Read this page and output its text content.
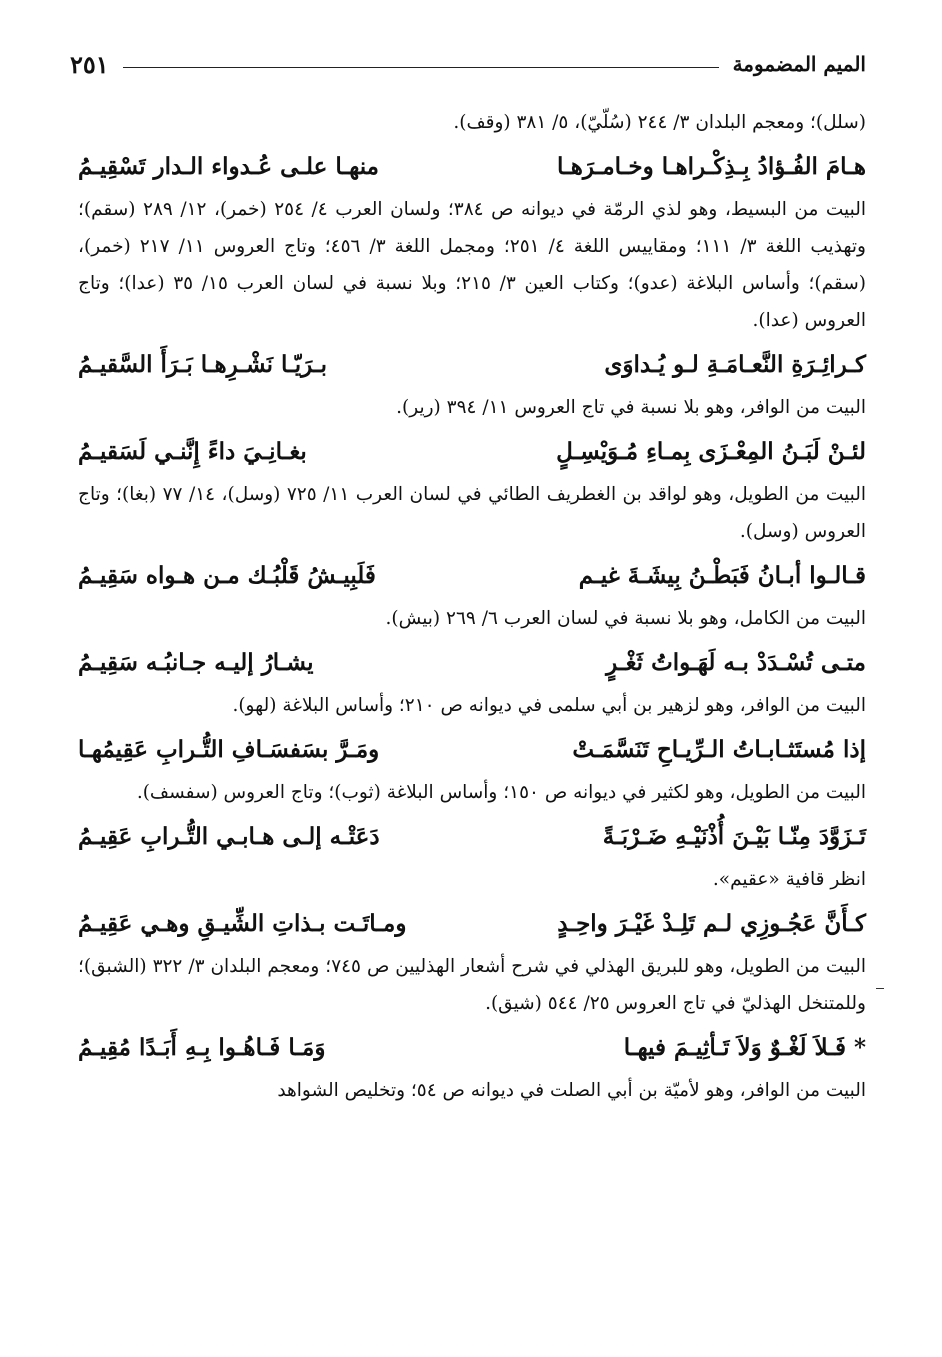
الميم المضمومة
٢٥١
(سلل)؛ ومعجم البلدان ٣/ ٢٤٤ (سُلّيّ)، ٥/ ٣٨١ (وقف).
هـامَ الفُـؤادُ بِـذِكْـراهـا وخـامـرَهـا
منهـا علـى عُـدواء الـدار تَسْقِيـمُ
البيت من البسيط، وهو لذي الرمّة في ديوانه ص ٣٨٤؛ ولسان العرب ٤/ ٢٥٤ (خمر)، ١٢/ ٢٨٩ (سقم)؛ وتهذيب اللغة ٣/ ١١١؛ ومقاييس اللغة ٤/ ٢٥١؛ ومجمل اللغة ٣/ ٤٥٦؛ وتاج العروس ١١/ ٢١٧ (خمر)، (سقم)؛ وأساس البلاغة (عدو)؛ وكتاب العين ٣/ ٢١٥؛ وبلا نسبة في لسان العرب ١٥/ ٣٥ (عدا)؛ وتاج العروس (عدا).
كـرائِـرَةِ النَّعـامَـةِ لـو يُـداوَى
بـرَيّـا نَشْـرِهـا بَـرَأَ السَّقيـمُ
البيت من الوافر، وهو بلا نسبة في تاج العروس ١١/ ٣٩٤ (رير).
لئـنْ لَبَـنُ المِعْـزَى بِمـاءِ مُـوَيْسِـلٍ
بغـانِـيَ داءً إِنَّنـي لَسَقيـمُ
البيت من الطويل، وهو لواقد بن الغطريف الطائي في لسان العرب ١١/ ٧٢٥ (وسل)، ١٤/ ٧٧ (بغا)؛ وتاج العروس (وسل).
قـالـوا أبـانُ فَبَطْـنُ بِيشَـةَ غيـم
فَلَبِيـشُ قَلْبُـك مـن هـواه سَقِيـمُ
البيت من الكامل، وهو بلا نسبة في لسان العرب ٦/ ٢٦٩ (بيش).
متـى تُسْـدَدْ بـه لَهَـواتُ ثَغْـرٍ
يشـارُ إليـه جـانبُـه سَقِيـمُ
البيت من الوافر، وهو لزهير بن أبي سلمى في ديوانه ص ٢١٠؛ وأساس البلاغة (لهو).
إذا مُستَثـابـاتُ الـرِّيـاحِ تَنَسَّمَـتْ
ومَـرَّ بسَفسَـافِ التُّـرابِ عَقِيمُهـا
البيت من الطويل، وهو لكثير في ديوانه ص ١٥٠؛ وأساس البلاغة (ثوب)؛ وتاج العروس (سفسف).
تَـزَوَّدَ مِنّـا بَيْـنَ أُذْنَيْـهِ ضَـرْبَـةً
دَعَتْـه إلـى هـابـي التُّـرابِ عَقِيـمُ
انظر قافية «عقيم».
كـأَنَّ عَجُـوزِي لـم تَلِـدْ غَيْـرَ واحِـدٍ
ومـاتَـت بـذاتِ الشِّيـقِ وهـي عَقِيـمُ
البيت من الطويل، وهو للبريق الهذلي في شرح أشعار الهذليين ص ٧٤٥؛ ومعجم البلدان ٣/ ٣٢٢ (الشبق)؛ وللمتنخل الهذليّ في تاج العروس ٢٥/ ٥٤٤ (شيق).
* فَـلاَ لَغْـوٌ وَلاَ تَـأثِيـمَ فيهـا
وَمَـا فَـاهُـوا بِـهِ أَبَـدًا مُقِيـمُ
البيت من الوافر، وهو لأميّة بن أبي الصلت في ديوانه ص ٥٤؛ وتخليص الشواهد
